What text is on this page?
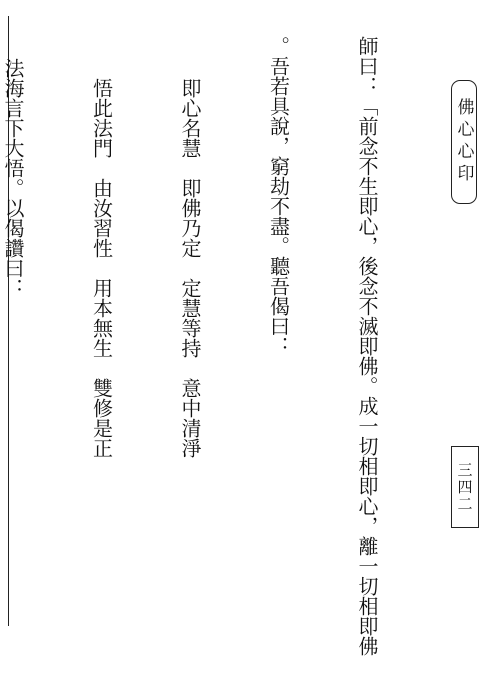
師曰：「前念不生即心，後念不滅即佛。成一切相即心，離一切相即佛

。吾若具說，窮劫不盡。聽吾偈曰：

即心名慧　即佛乃定　定慧等持　意中清淨

悟此法門　由汝習性　用本無生　雙修是正

法海言下大悟。以偈讚曰：

	佛心心印
三四二
